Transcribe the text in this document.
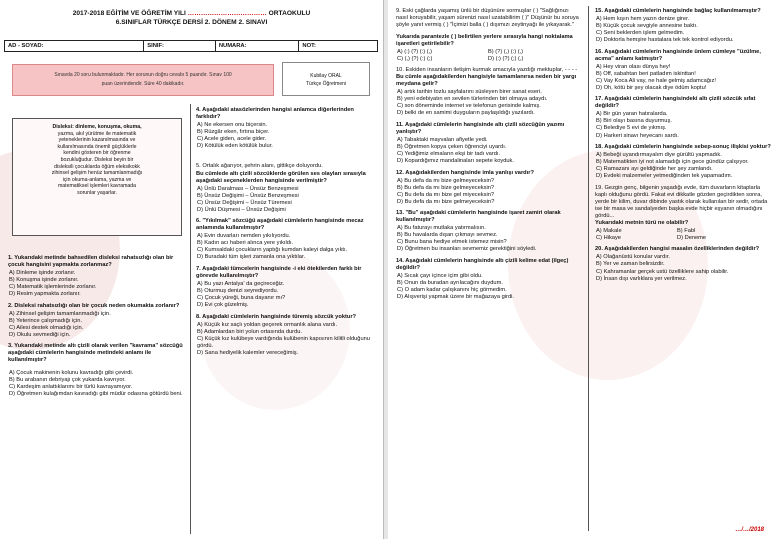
2017-2018 EĞİTİM VE ÖĞRETİM YILI ……………………………… ORTAOKULU
6.SINIFLAR TÜRKÇE DERSİ 2. DÖNEM 2. SINAVI
AD - SOYAD:	SINIF:	NUMARA:	NOT:
Sınavda 20 soru bulunmaktadır. Her sorunun doğru cevabı 5 puandır. Sınav 100
puan üzerindendir. Süre 40 dakikadır.
Kubilay ORAL
Türkçe Öğretmeni
Disleksi: dinleme, konuşma, okuma,
yazma, akıl yürütme ile matematik
yeteneklerinin kazanılmasında ve
kullanılmasında önemli güçlüklerle
kendini gösteren bir öğrenme
bozukluğudur. Disleksi beyin bir
disleksili çocuklarda öğüm eleksikokk
zihinsel gelişim henüz tamamlanmadığı
için okuma-anlama, yazma ve
matematiksel işlemleri kavramada
sorunlar yaşarlar.
1. Yukarıdaki metinde bahsedilen disleksi rahatsızlığı olan bir çocuk hangisini yapmakta zorlanmaz?
A) Dinleme işinde zorlanır.
B) Konuşma işinde zorlanır.
C) Matematik işlemlerinde zorlanır.
D) Resim yapmakta zorlanır.
2. Disleksi rahatsızlığı olan bir çocuk neden okumakta zorlanır?
A) Zihinsel gelişim tamamlanmadığı için.
B) Yeterince çalışmadığı için.
C) Ailesi destek olmadığı için.
D) Okulu sevmediği için.
3. Yukarıdaki metinde altı çizili olarak verilen "kavrama" sözcüğü aşağıdaki cümlelerin hangisinde metindeki anlamı ile kullanılmıştır?
A) Çocuk makinenin kolunu kavradığı gibi çevirdi.
B) Bu arabanın debriyajı çok yukarda kavrıyor.
C) Kardeşim anlattıklarımı bir türlü kavrayamıyor.
D) Öğretmen kulağımdan kavradığı gibi müdür odasına götürdü beni.
4. Aşağıdaki atasözlerinden hangisi anlamca diğerlerinden farklıdır?
A) Ne ekersen onu biçersin.
B) Rüzgâr eken, fırtına biçer.
C) Acele giden, acele gider.
D) Kötülük eden kötülük bulur.
5. Ortalık ağarıyor, şehrin alanı, gittikçe doluyordu.
Bu cümlede altı çizili sözcüklerde görülen ses olayları sırasıyla aşağıdaki seçeneklerden hangisinde verilmiştir?
A) Ünlü Daralması – Ünsüz Benzeşmesi
B) Ünsüz Değişimi – Ünsüz Benzeşmesi
C) Ünsüz Değişimi – Ünsüz Türemesi
D) Ünlü Düşmesi – Ünsüz Değişimi
6. "Yıkılmak" sözcüğü aşağıdaki cümlelerin hangisinde mecaz anlamında kullanılmıştır?
A) Evin duvarları nemden yıkılıyordu.
B) Kadın acı haberi alınca yere yıkıldı.
C) Kumsaldaki çocukların yaptığı kumdan kaleyi dalga yıktı.
D) Buradaki tüm işleri zamanla ona yıktılar.
7. Aşağıdaki tümcelerin hangisinde -i eki ötekilerden farklı bir görevde kullanılmıştır?
A) Bu yazı Antalya' da geçireceğiz.
B) Oturmuş denizi seyrediyordu.
C) Çocuk yüreği, buna dayanır mı?
D) Evi çok güzelmiş.
8. Aşağıdaki cümlelerin hangisinde türemiş sözcük yoktur?
A) Küçük kız saçlı yoldan geçerek ormanlık alana vardı.
B) Adamlardan biri yolun ortasında durdu.
C) Küçük kız kulübeye vardığında kulübenin kapısının kilitli olduğunu gördü.
D) Sana hediyelik kalemler vereceğimiş.
9. Eski çağlarda yaşamış ünlü bir düşünüre sormuşlar ( ) "Sağlığınızı nasıl koruyabilir, yaşam sürenizi nasıl uzatabilirim ( )" Düşünür bu soruya şöyle yanıt vermiş ( ) "İçimizi balla ( ) dışımızı zeytinyağı ile yıkayarak."
Yukarıda parantezle ( ) belirtilen yerlere sırasıyla hangi noktalama işaretleri getirilebilir?
A) (:) (?) (:) (,)	B) (?) (,) (:) (,)
C) (,) (?) (:) (;)	D) (:) (?) (;) (,)
10. Eskiden insanların iletişim kurmak amacıyla yazdığı mektuplar, - - - -
Bu cümle aşağıdakilerden hangisiyle tamamlanırsa neden bir yargı meydana gelir?
A) artık tarihin tozlu sayfalarını süsleyen birer sanat eseri.
B) yeni edebiyatın en sevilen türlerinden biri olmaya adaydı.
C) son döneminde internet ve telefonun gerisinde kalmış.
D) belki de en samimi duyguların paylaşıldığı yazılardı.
11. Aşağıdaki cümlelerin hangisinde altı çizili sözcüğün yazımı yanlıştır?
A) Tabaktaki mayvaları afiyetle yedi.
B) Öğretmen kopya çeken öğrenciyi uyardı.
C) Yediğimiz elmaların ekşi bir tadı vardı.
D) Kopardığımız mandalinaları sepete koyduk.
12. Aşağıdakilerden hangisinde imla yanlışı vardır?
A) Bu defa da mı bize gelmeyeceksin?
B) Bu defa da mı bize gelmeyeceksin?
C) Bu defa da mı bize gel miyeceksin?
D) Bu defa da mı bize gelmeyeceksin?
13. "Bu" aşağıdaki cümlelerin hangisinde işaret zamiri olarak kullanılmıştır?
A) Bu faturayı mutlaka yatırmalısın.
B) Bu havalarda dışarı çıkmayı sevmez.
C) Bunu bana hediye etmek istemez misin?
D) Öğretmen bu insanları sevmemiz gerektiğini söyledi.
14. Aşağıdaki cümlelerin hangisinde altı çizili kelime edat (ilgeç) değildir?
A) Sıcak çayı içince içim gibi oldu.
B) Onun da buradan ayrılacağını duydum.
C) O adam kadar çalışkanını hiç görmedim.
D) Alışverişi yapmak üzere bir mağazaya girdi.
15. Aşağıdaki cümlelerin hangisinde bağlaç kullanılmamıştır?
A) Hem kışın hem yazın denize girer.
B) Küçük çocuk sevgiyle annesine baktı.
C) Seni beklerden işlem gelmedim.
D) Doktorla hemşire hastalara tek tek kontrol ediyordu.
16. Aşağıdaki cümlelerin hangisinde ünlem cümleye "üzülme, acıma" anlamı katmıştır?
A) Hey viran olası dünya hey!
B) Off, sabahtan beri patladım iskinttan!
C) Vay Koca Ali vay, ne hale gelmiş adamcağız!
D) Oh, kötü bir şey olacak diye ödüm koptu!
17. Aşağıdaki cümlelerin hangisindeki altı çizili sözcük sıfat değildir?
A) Bir gün yaran hatıralarda.
B) Biri olayı basına duyurmuş.
C) Belediye 5 evi de yıkmış.
D) Harkeri sinavı heyecanı sardı.
18. Aşağıdaki cümlelerin hangisinde sebep-sonuç ilişkisi yoktur?
A) Bebeği uyandırmayalım diye gürültü yapmadık.
B) Matematikten iyi not alamadığı için gece gündüz çalışıyor.
C) Ramazanı ayı geldiğinde her şey zamlandı.
D) Evdeki malzemeler yetmediğinden tek yapamadım.
19. Gezgin genç, bilgenin yaşadığı evde, tüm duvarların kitaplarla kaplı olduğunu gördü. Fakat evi dikkatle gözden geçirdikten sonra, yerde bir kilim, duvar dibinde yastık olarak kullanılan bir sedir, ortada ise bir masa ve sandalyeden başka evde hiçbir eşyanın olmadığını gördü...
Yukarıdaki metnin türü ne olabilir?
A) Makale	B) Fabl
C) Hikaye	D) Deneme
20. Aşağıdakilerden hangisi masalın özelliklerinden değildir?
A) Olağanüstü konular vardır.
B) Yer ve zaman belirsizdir.
C) Kahramanlar gerçek ustü özelliklere sahip olabilir.
D) İnsan dışı varlıklara yer verilmez.
…/…/2018
